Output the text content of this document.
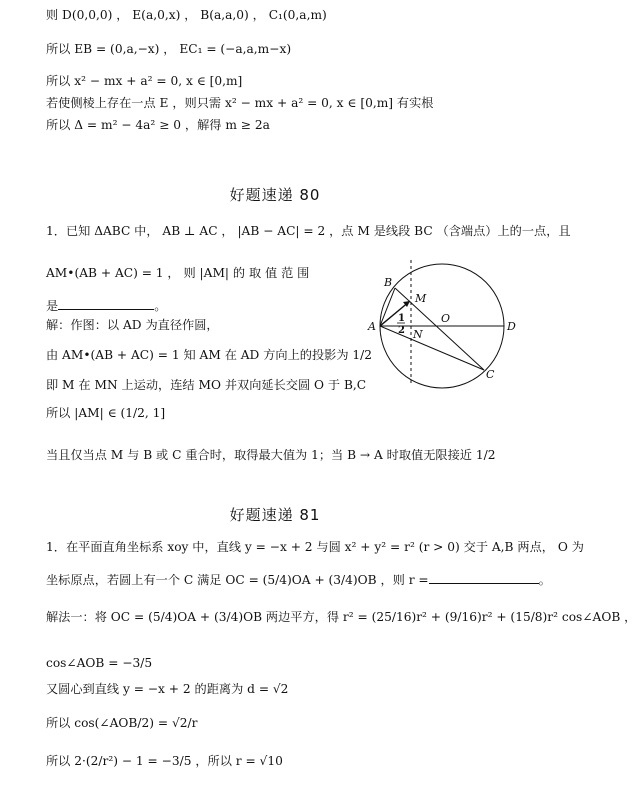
则 D(0,0,0) ， E(a,0,x) ， B(a,a,0) ， C₁(0,a,m)
所以 EB = (0,a,−x) ， EC₁ = (−a,a,m−x)
所以 x² − mx + a² = 0, x ∈ [0,m]
若使侧棱上存在一点 E ，则只需 x² − mx + a² = 0, x ∈ [0,m] 有实根
所以 Δ = m² − 4a² ≥ 0 ，解得 m ≥ 2a
好题速递 80
1．已知 ΔABC 中， AB ⊥ AC ， |AB − AC| = 2 ，点 M 是线段 BC （含端点）上的一点，且
AM•(AB + AC) = 1 ， 则 |AM| 的 取 值 范 围
是	。
解：作图：以 AD 为直径作圆，
由 AM•(AB + AC) = 1 知 AM 在 AD 方向上的投影为 1/2
即 M 在 MN 上运动，连结 MO 并双向延长交圆 O 于 B,C
所以 |AM| ∈ (1/2, 1]
当且仅当点 M 与 B 或 C 重合时，取得最大值为 1；当 B → A 时取值无限接近 1/2
A
B
C
D
M
N
O
1
2
好题速递 81
1．在平面直角坐标系 xoy 中，直线 y = −x + 2 与圆 x² + y² = r² (r > 0) 交于 A,B 两点， O 为
坐标原点，若圆上有一个 C 满足 OC = (5/4)OA + (3/4)OB ，则 r =	。
解法一：将 OC = (5/4)OA + (3/4)OB 两边平方，得 r² = (25/16)r² + (9/16)r² + (15/8)r² cos∠AOB ，
cos∠AOB = −3/5
又圆心到直线 y = −x + 2 的距离为 d = √2
所以 cos(∠AOB/2) = √2/r
所以 2·(2/r²) − 1 = −3/5 ，所以 r = √10
